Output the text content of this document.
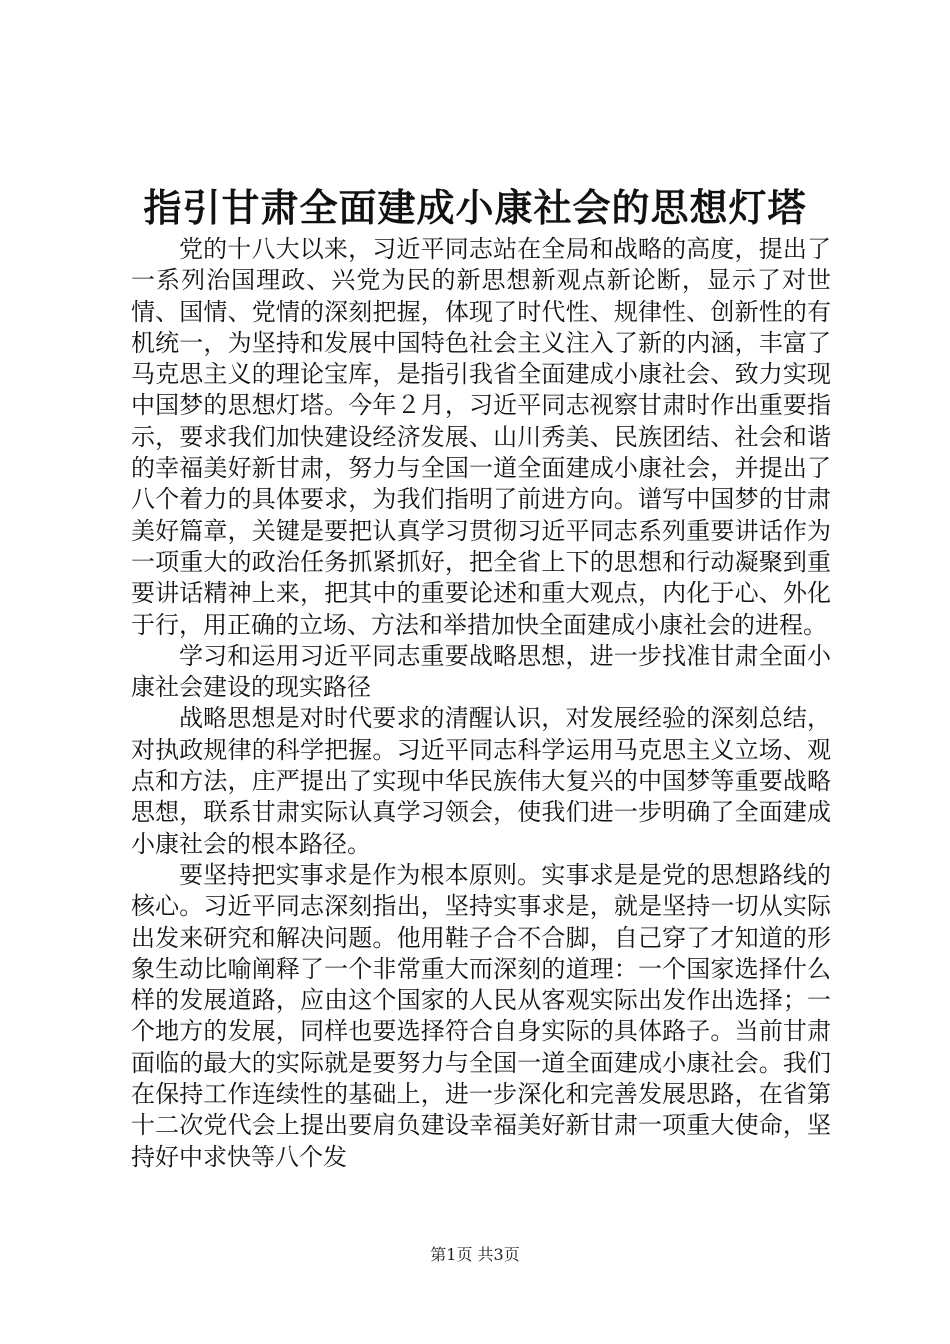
指引甘肃全面建成小康社会的思想灯塔

党的十八大以来，习近平同志站在全局和战略的高度，提出了一系列治国理政、兴党为民的新思想新观点新论断，显示了对世情、国情、党情的深刻把握，体现了时代性、规律性、创新性的有机统一，为坚持和发展中国特色社会主义注入了新的内涵，丰富了马克思主义的理论宝库，是指引我省全面建成小康社会、致力实现中国梦的思想灯塔。今年２月，习近平同志视察甘肃时作出重要指示，要求我们加快建设经济发展、山川秀美、民族团结、社会和谐的幸福美好新甘肃，努力与全国一道全面建成小康社会，并提出了八个着力的具体要求，为我们指明了前进方向。谱写中国梦的甘肃美好篇章，关键是要把认真学习贯彻习近平同志系列重要讲话作为一项重大的政治任务抓紧抓好，把全省上下的思想和行动凝聚到重要讲话精神上来，把其中的重要论述和重大观点，内化于心、外化于行，用正确的立场、方法和举措加快全面建成小康社会的进程。

学习和运用习近平同志重要战略思想，进一步找准甘肃全面小康社会建设的现实路径

战略思想是对时代要求的清醒认识，对发展经验的深刻总结，对执政规律的科学把握。习近平同志科学运用马克思主义立场、观点和方法，庄严提出了实现中华民族伟大复兴的中国梦等重要战略思想，联系甘肃实际认真学习领会，使我们进一步明确了全面建成小康社会的根本路径。

要坚持把实事求是作为根本原则。实事求是是党的思想路线的核心。习近平同志深刻指出，坚持实事求是，就是坚持一切从实际出发来研究和解决问题。他用鞋子合不合脚，自己穿了才知道的形象生动比喻阐释了一个非常重大而深刻的道理：一个国家选择什么样的发展道路，应由这个国家的人民从客观实际出发作出选择；一个地方的发展，同样也要选择符合自身实际的具体路子。当前甘肃面临的最大的实际就是要努力与全国一道全面建成小康社会。我们在保持工作连续性的基础上，进一步深化和完善发展思路，在省第十二次党代会上提出要肩负建设幸福美好新甘肃一项重大使命，坚持好中求快等八个发

第1页 共3页
